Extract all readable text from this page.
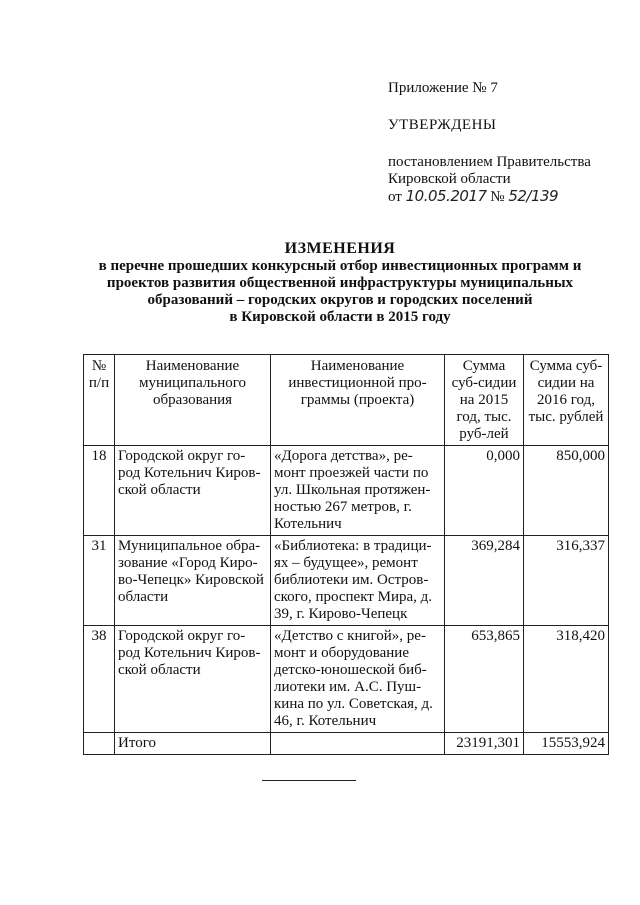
Приложение № 7
УТВЕРЖДЕНЫ
постановлением Правительства
Кировской области
от 10.05.2017 № 52/139
ИЗМЕНЕНИЯ
в перечне прошедших конкурсный отбор инвестиционных программ и
проектов развития общественной инфраструктуры муниципальных
образований – городских округов и городских поселений
в Кировской области в 2015 году
№ п/п	Наименование муниципального образования	Наименование инвестиционной про-граммы (проекта)	Сумма суб-сидии на 2015 год, тыс. руб-лей	Сумма суб-сидии на 2016 год, тыс. рублей
18	Городской округ го-род Котельнич Киров-ской области	«Дорога детства», ре-монт проезжей части по ул. Школьная протяжен-ностью 267 метров, г. Котельнич	0,000	850,000
31	Муниципальное обра-зование «Город Киро-во-Чепецк» Кировской области	«Библиотека: в традици-ях – будущее», ремонт библиотеки им. Остров-ского, проспект Мира, д. 39, г. Кирово-Чепецк	369,284	316,337
38	Городской округ го-род Котельнич Киров-ской области	«Детство с книгой», ре-монт и оборудование детско-юношеской биб-лиотеки им. А.С. Пуш-кина по ул. Советская, д. 46, г. Котельнич	653,865	318,420
	Итого		23191,301	15553,924
